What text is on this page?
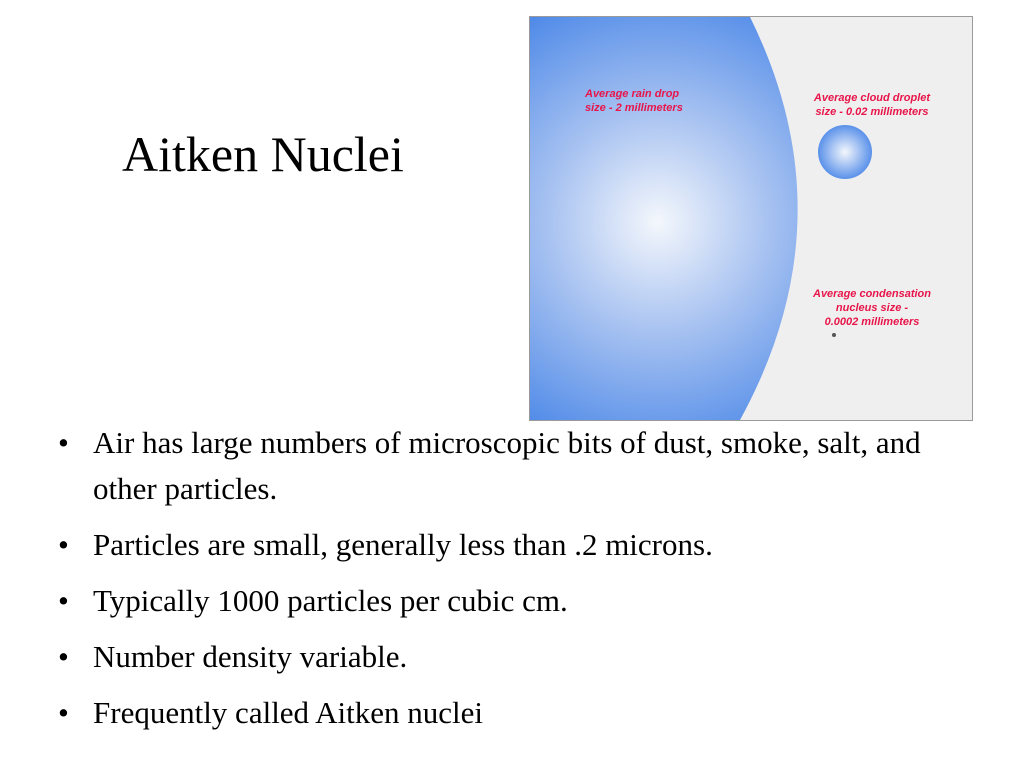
Aitken Nuclei
Average rain drop
size - 2 millimeters
Average cloud droplet
size - 0.02 millimeters
Average condensation
nucleus size -
0.0002 millimeters
• Air has large numbers of microscopic bits of dust, smoke, salt, and other particles.
• Particles are small, generally less than .2 microns.
• Typically 1000 particles per cubic cm.
• Number density variable.
• Frequently called Aitken nuclei
